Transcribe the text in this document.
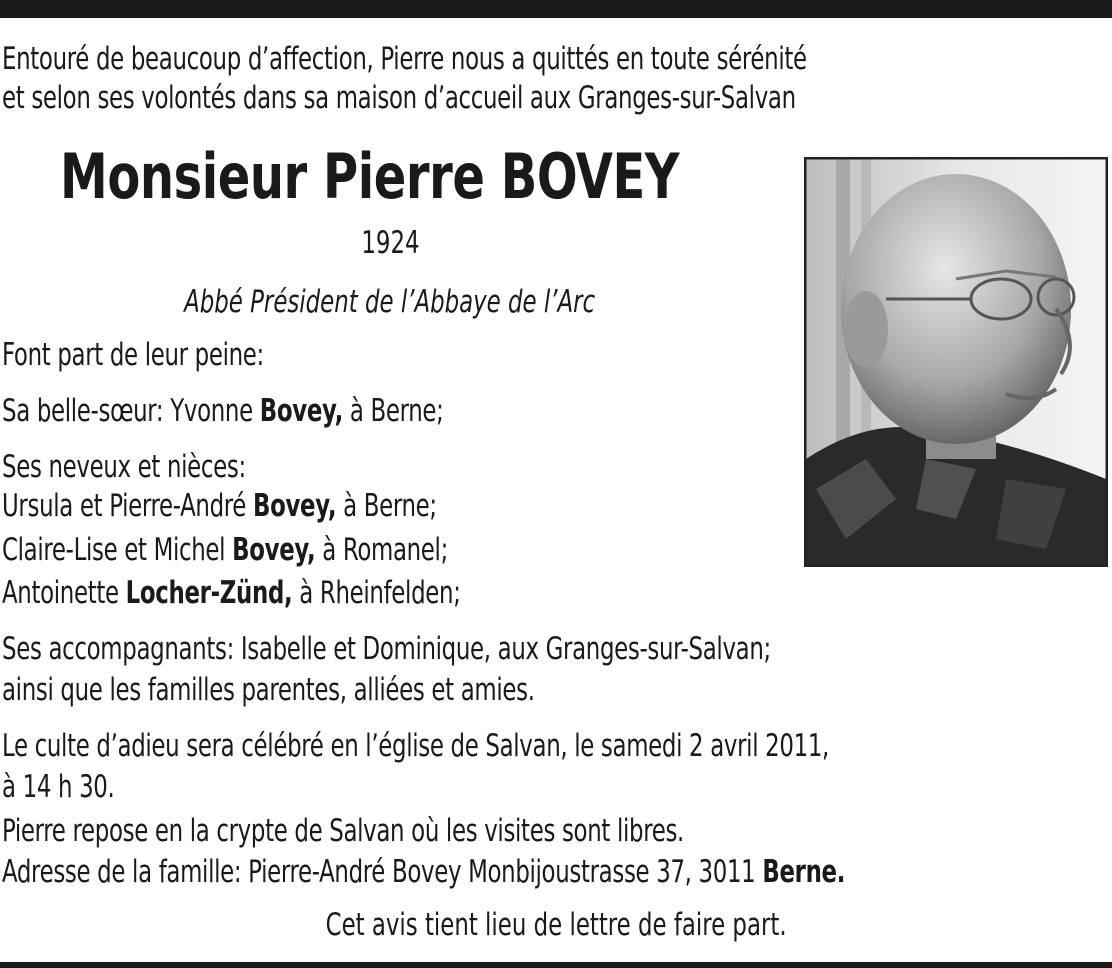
Entouré de beaucoup d’affection, Pierre nous a quittés en toute sérénité
et selon ses volontés dans sa maison d’accueil aux Granges-sur-Salvan
Monsieur Pierre BOVEY
1924
Abbé Président de l’Abbaye de l’Arc
Font part de leur peine:
Sa belle-sœur: Yvonne Bovey, à Berne;
Ses neveux et nièces:
Ursula et Pierre-André Bovey, à Berne;
Claire-Lise et Michel Bovey, à Romanel;
Antoinette Locher-Zünd, à Rheinfelden;
Ses accompagnants: Isabelle et Dominique, aux Granges-sur-Salvan;
ainsi que les familles parentes, alliées et amies.
Le culte d’adieu sera célébré en l’église de Salvan, le samedi 2 avril 2011,
à 14 h 30.
Pierre repose en la crypte de Salvan où les visites sont libres.
Adresse de la famille: Pierre-André Bovey Monbijoustrasse 37, 3011 Berne.
Cet avis tient lieu de lettre de faire part.
